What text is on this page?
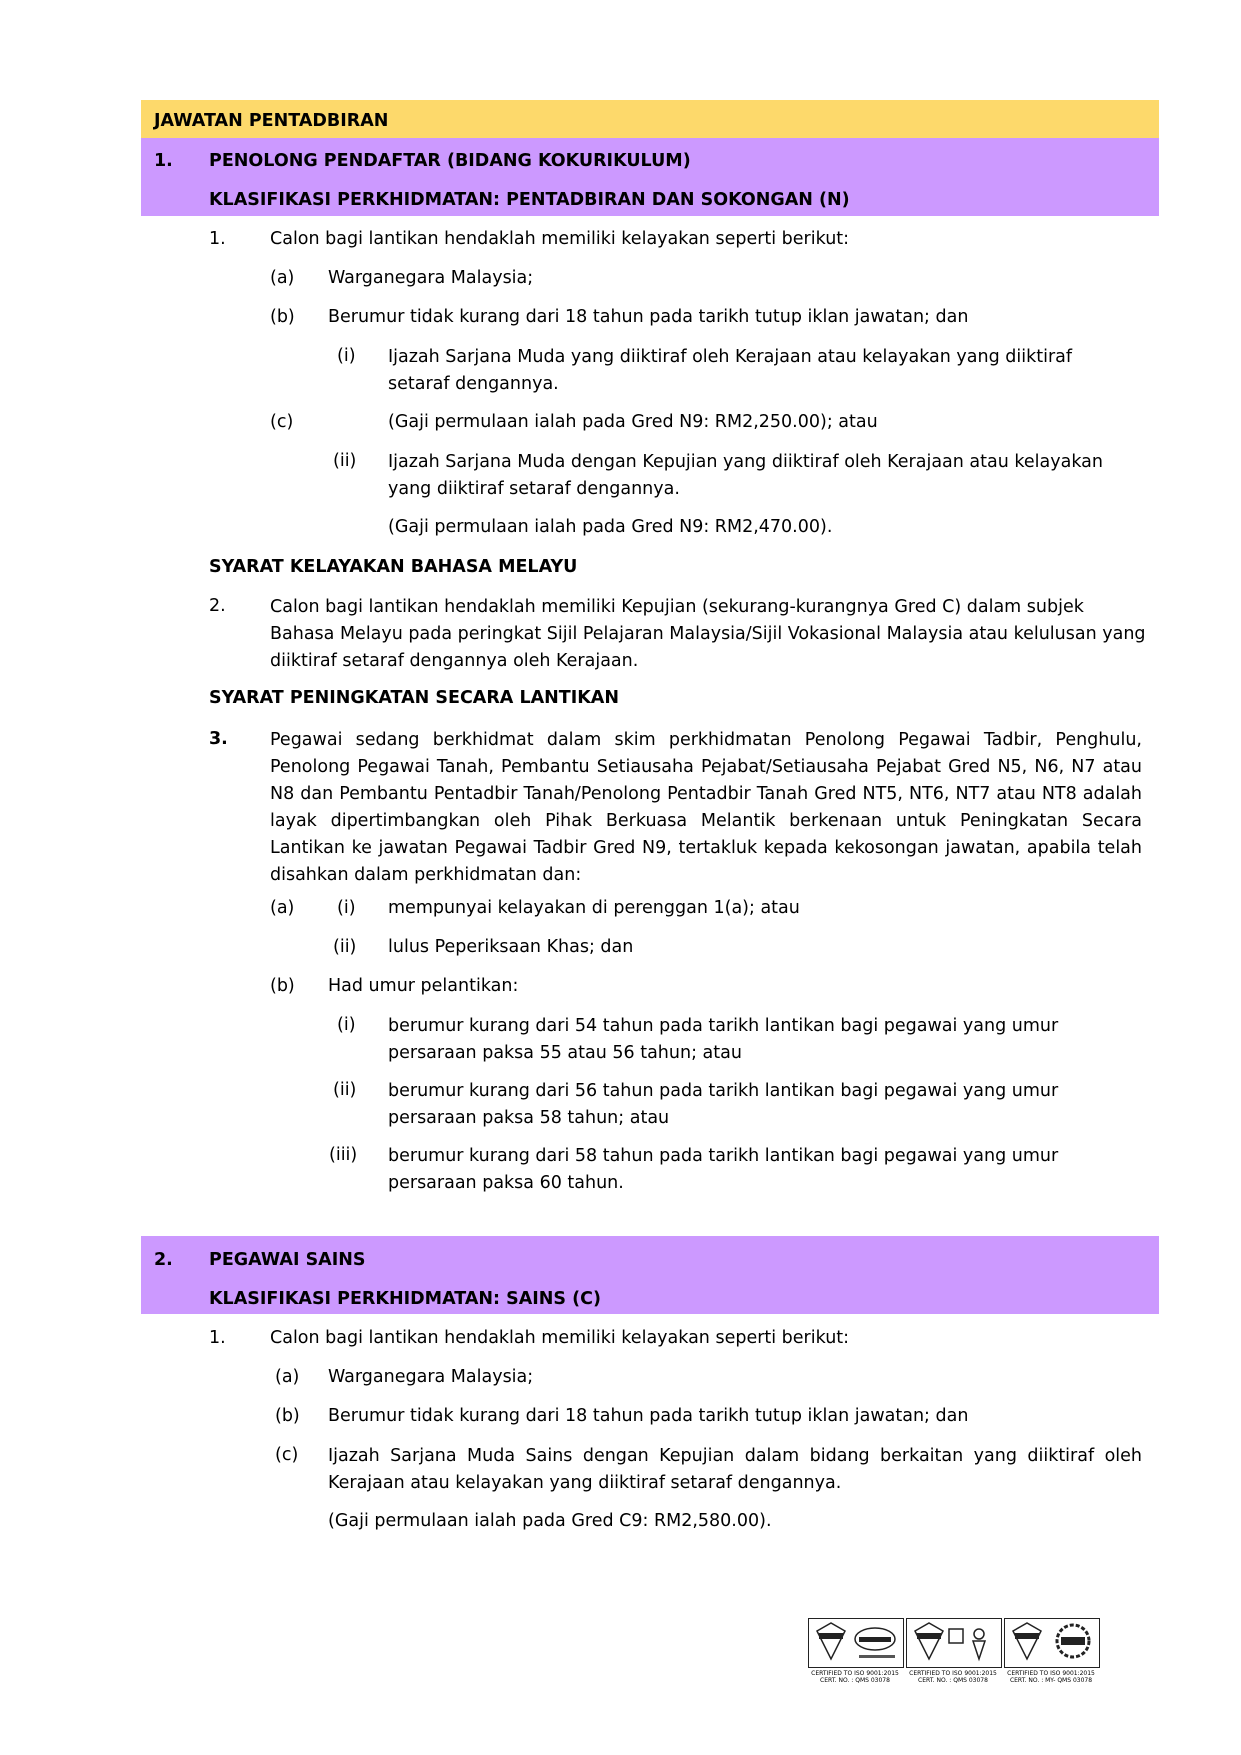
JAWATAN PENTADBIRAN
1. PENOLONG PENDAFTAR (BIDANG KOKURIKULUM)
KLASIFIKASI PERKHIDMATAN: PENTADBIRAN DAN SOKONGAN (N)
1.	Calon bagi lantikan hendaklah memiliki kelayakan seperti berikut:
(a) Warganegara Malaysia;
(b) Berumur tidak kurang dari 18 tahun pada tarikh tutup iklan jawatan; dan
(i) Ijazah Sarjana Muda yang diiktiraf oleh Kerajaan atau kelayakan yang diiktiraf setaraf dengannya.
(c)	(Gaji permulaan ialah pada Gred N9: RM2,250.00); atau
(ii) Ijazah Sarjana Muda dengan Kepujian yang diiktiraf oleh Kerajaan atau kelayakan yang diiktiraf setaraf dengannya.
(Gaji permulaan ialah pada Gred N9: RM2,470.00).
SYARAT KELAYAKAN BAHASA MELAYU
2.	Calon bagi lantikan hendaklah memiliki Kepujian (sekurang-kurangnya Gred C) dalam subjek Bahasa Melayu pada peringkat Sijil Pelajaran Malaysia/Sijil Vokasional Malaysia atau kelulusan yang diiktiraf setaraf dengannya oleh Kerajaan.
SYARAT PENINGKATAN SECARA LANTIKAN
3. Pegawai sedang berkhidmat dalam skim perkhidmatan Penolong Pegawai Tadbir, Penghulu, Penolong Pegawai Tanah, Pembantu Setiausaha Pejabat/Setiausaha Pejabat Gred N5, N6, N7 atau N8 dan Pembantu Pentadbir Tanah/Penolong Pentadbir Tanah Gred NT5, NT6, NT7 atau NT8 adalah layak dipertimbangkan oleh Pihak Berkuasa Melantik berkenaan untuk Peningkatan Secara Lantikan ke jawatan Pegawai Tadbir Gred N9, tertakluk kepada kekosongan jawatan, apabila telah disahkan dalam perkhidmatan dan:
(a) (i) mempunyai kelayakan di perenggan 1(a); atau
(ii) lulus Peperiksaan Khas; dan
(b) Had umur pelantikan:
(i) berumur kurang dari 54 tahun pada tarikh lantikan bagi pegawai yang umur persaraan paksa 55 atau 56 tahun; atau
(ii) berumur kurang dari 56 tahun pada tarikh lantikan bagi pegawai yang umur persaraan paksa 58 tahun; atau
(iii) berumur kurang dari 58 tahun pada tarikh lantikan bagi pegawai yang umur persaraan paksa 60 tahun.
2. PEGAWAI SAINS
KLASIFIKASI PERKHIDMATAN: SAINS (C)
1.	Calon bagi lantikan hendaklah memiliki kelayakan seperti berikut:
(a) Warganegara Malaysia;
(b) Berumur tidak kurang dari 18 tahun pada tarikh tutup iklan jawatan; dan
(c) Ijazah Sarjana Muda Sains dengan Kepujian dalam bidang berkaitan yang diiktiraf oleh Kerajaan atau kelayakan yang diiktiraf setaraf dengannya.
(Gaji permulaan ialah pada Gred C9: RM2,580.00).
CERTIFIED TO ISO 9001:2015
CERT. NO. : QMS 03078
CERTIFIED TO ISO 9001:2015
CERT. NO. : QMS 03078
CERTIFIED TO ISO 9001:2015
CERT. NO. : MY- QMS 03078
